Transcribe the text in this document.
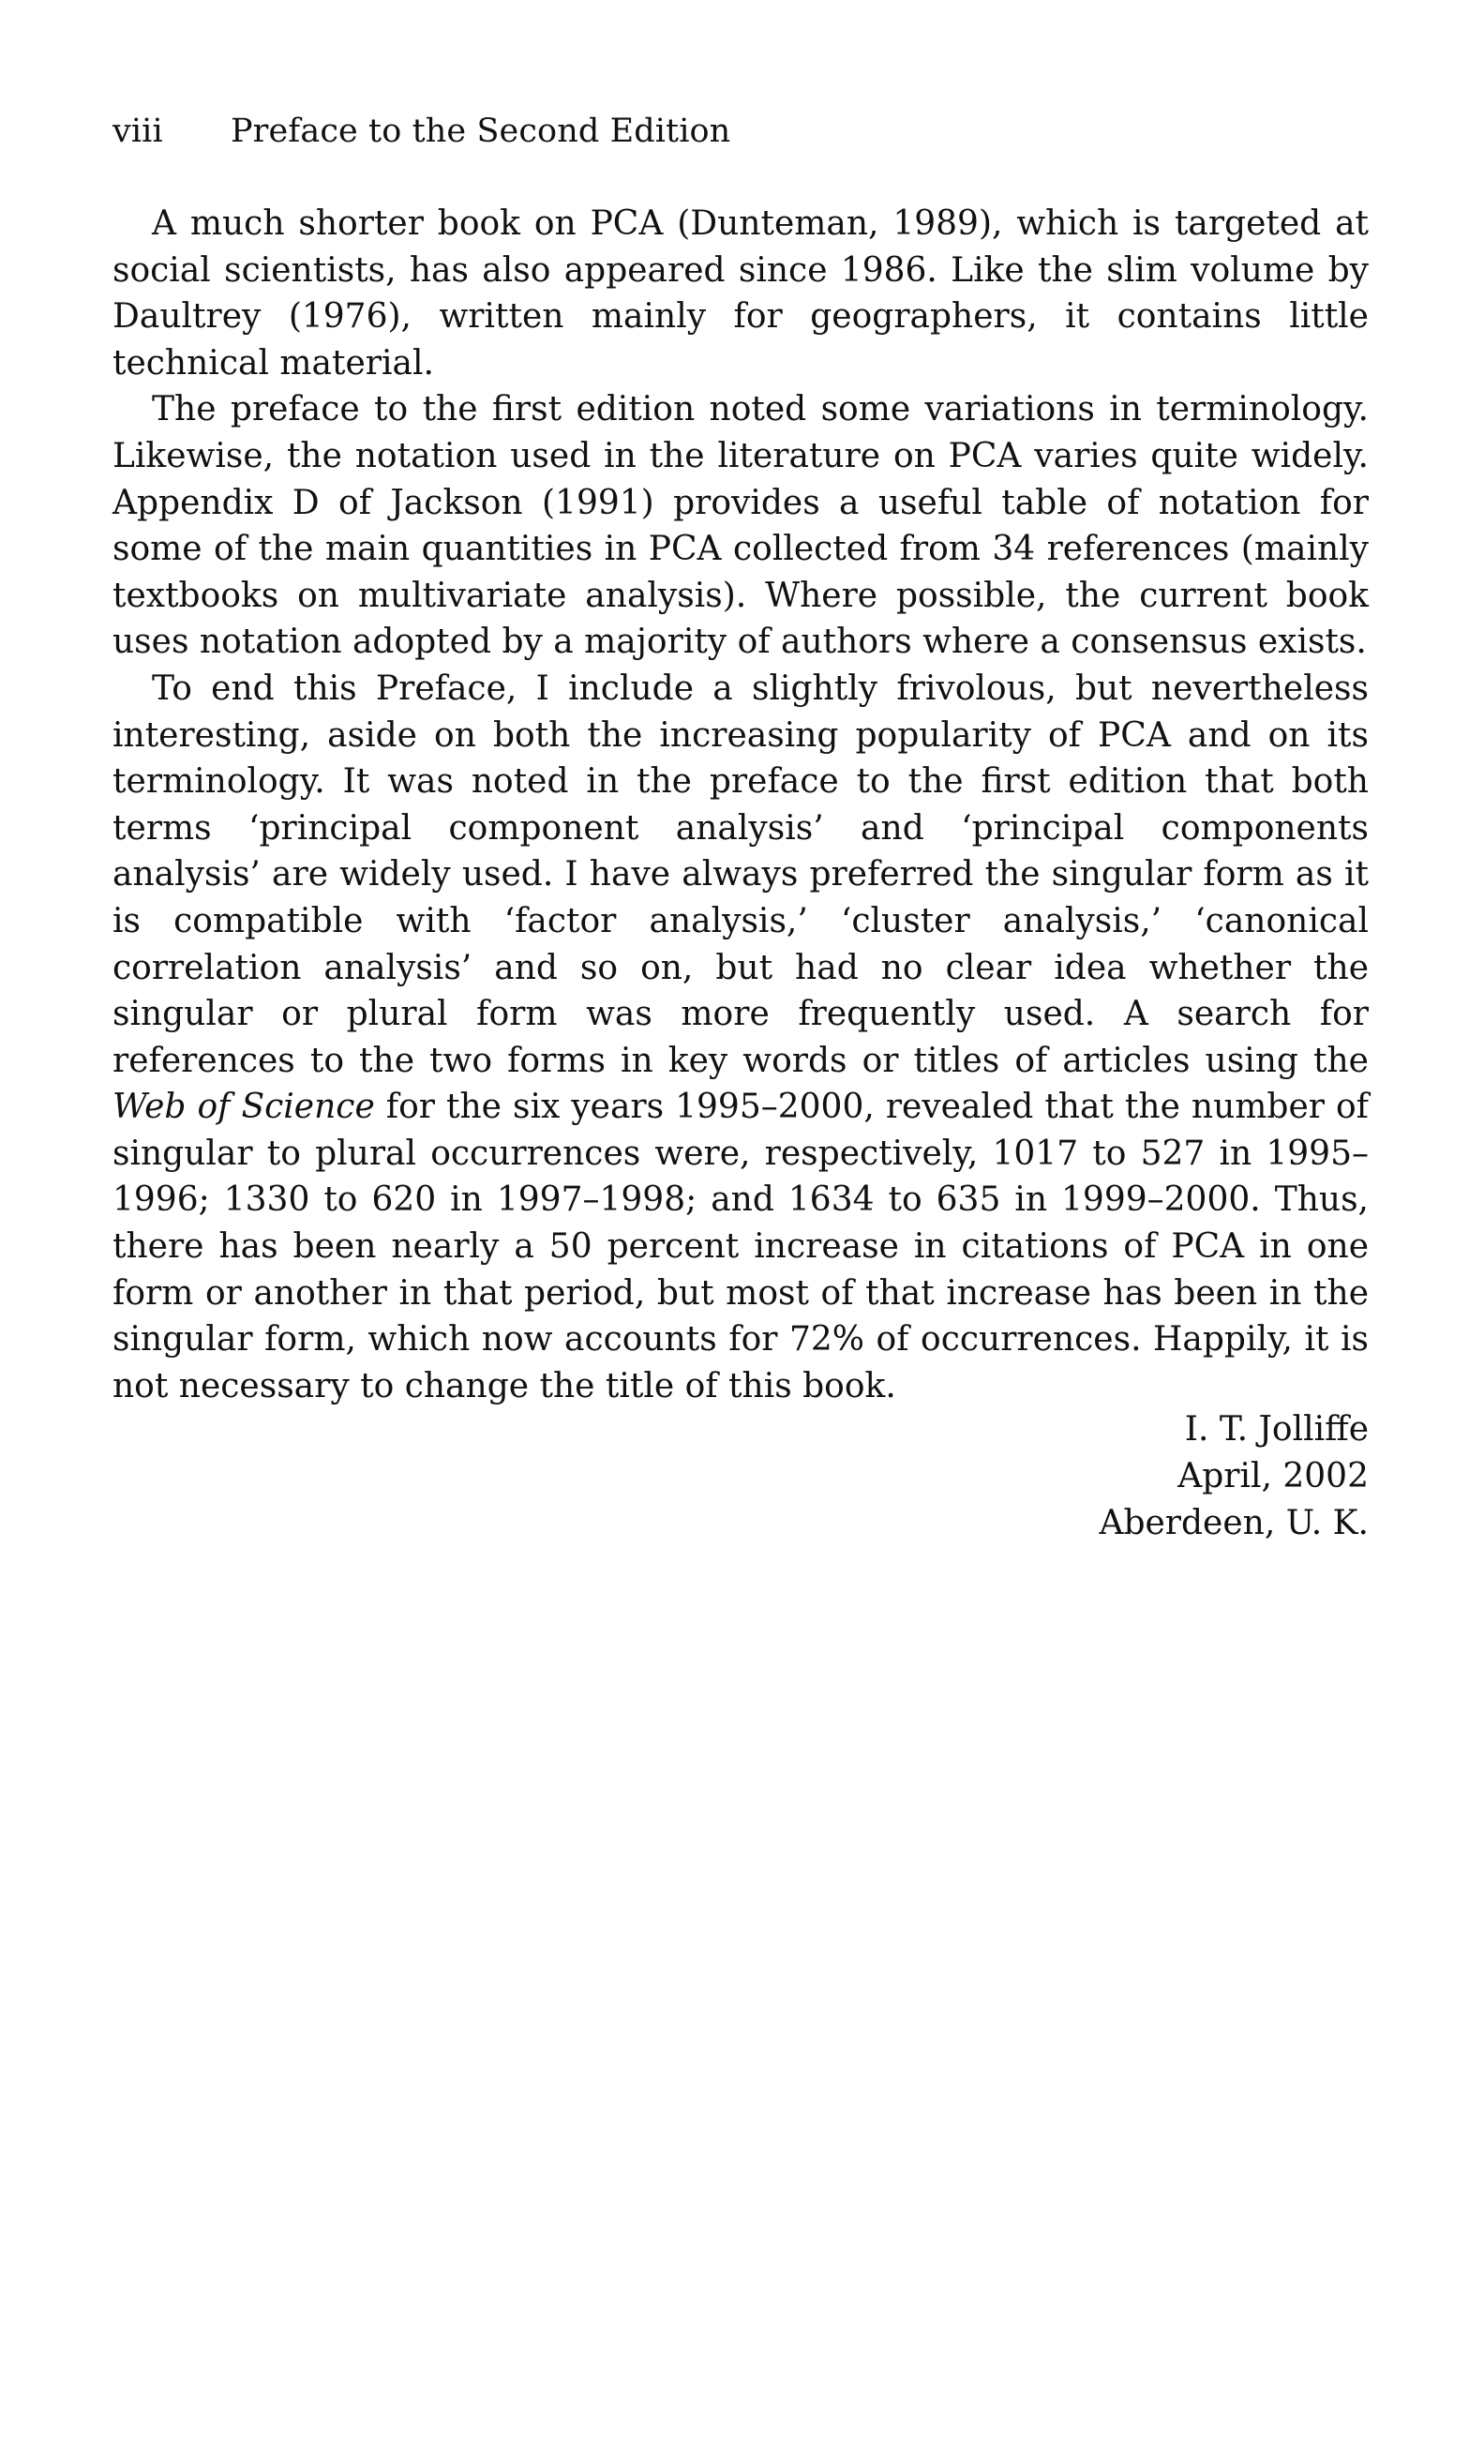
viii	Preface to the Second Edition

A much shorter book on PCA (Dunteman, 1989), which is targeted at social scientists, has also appeared since 1986. Like the slim volume by Daultrey (1976), written mainly for geographers, it contains little technical material.

The preface to the first edition noted some variations in terminology. Likewise, the notation used in the literature on PCA varies quite widely. Appendix D of Jackson (1991) provides a useful table of notation for some of the main quantities in PCA collected from 34 references (mainly textbooks on multivariate analysis). Where possible, the current book uses notation adopted by a majority of authors where a consensus exists.

To end this Preface, I include a slightly frivolous, but nevertheless interesting, aside on both the increasing popularity of PCA and on its terminology. It was noted in the preface to the first edition that both terms ‘principal component analysis’ and ‘principal components analysis’ are widely used. I have always preferred the singular form as it is compatible with ‘factor analysis,’ ‘cluster analysis,’ ‘canonical correlation analysis’ and so on, but had no clear idea whether the singular or plural form was more frequently used. A search for references to the two forms in key words or titles of articles using the Web of Science for the six years 1995–2000, revealed that the number of singular to plural occurrences were, respectively, 1017 to 527 in 1995–1996; 1330 to 620 in 1997–1998; and 1634 to 635 in 1999–2000. Thus, there has been nearly a 50 percent increase in citations of PCA in one form or another in that period, but most of that increase has been in the singular form, which now accounts for 72% of occurrences. Happily, it is not necessary to change the title of this book.

I. T. Jolliffe
April, 2002
Aberdeen, U. K.
